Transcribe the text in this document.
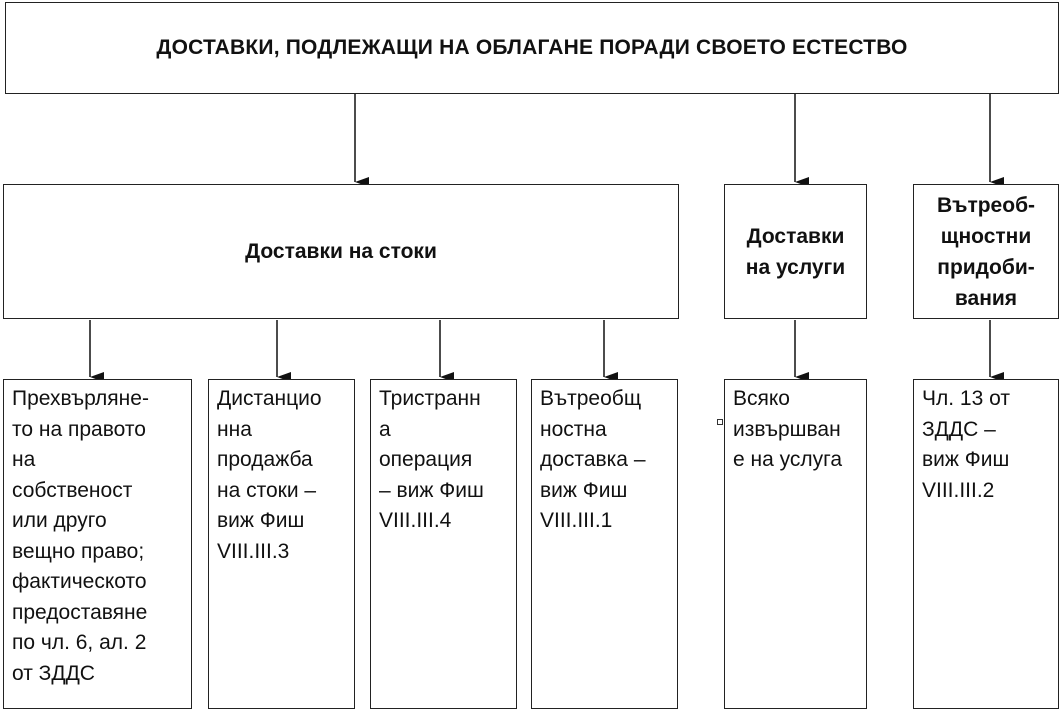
ДОСТАВКИ, ПОДЛЕЖАЩИ НА ОБЛАГАНЕ ПОРАДИ СВОЕТО ЕСТЕСТВО
Доставки на стоки
Доставки
на услуги
Вътреоб-
щностни
придоби-
вания
Прехвърляне-
то на правото
на
собственост
или друго
вещно право;
фактическото
предоставяне
по чл. 6, ал. 2
от ЗДДС
Дистанцио
нна
продажба
на стоки –
виж Фиш
VIII.III.3
Тристранн
а
операция
– виж Фиш
VIII.III.4
Вътреобщ
ностна
доставка –
виж Фиш
VIII.III.1
Всяко
извършван
е на услуга
Чл. 13 от
ЗДДС –
виж Фиш
VIII.III.2
